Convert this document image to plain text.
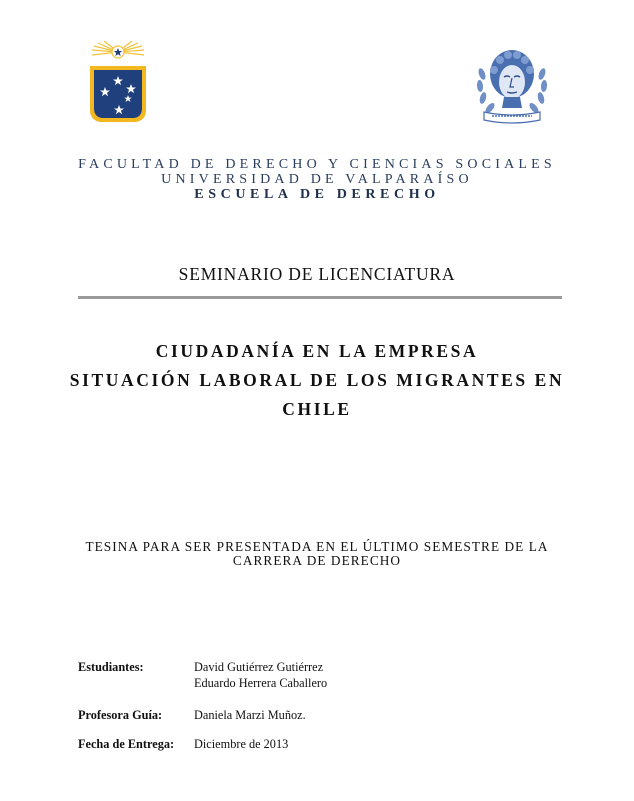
FACULTAD DE DERECHO Y CIENCIAS SOCIALES
UNIVERSIDAD DE VALPARAÍSO
ESCUELA DE DERECHO
SEMINARIO DE LICENCIATURA
CIUDADANÍA EN LA EMPRESA
SITUACIÓN LABORAL DE LOS MIGRANTES EN
CHILE
TESINA PARA SER PRESENTADA EN EL ÚLTIMO SEMESTRE DE LA
CARRERA DE DERECHO
Estudiantes:	David Gutiérrez Gutiérrez
Eduardo Herrera Caballero
Profesora Guía:	Daniela Marzi Muñoz.
Fecha de Entrega: Diciembre de 2013
